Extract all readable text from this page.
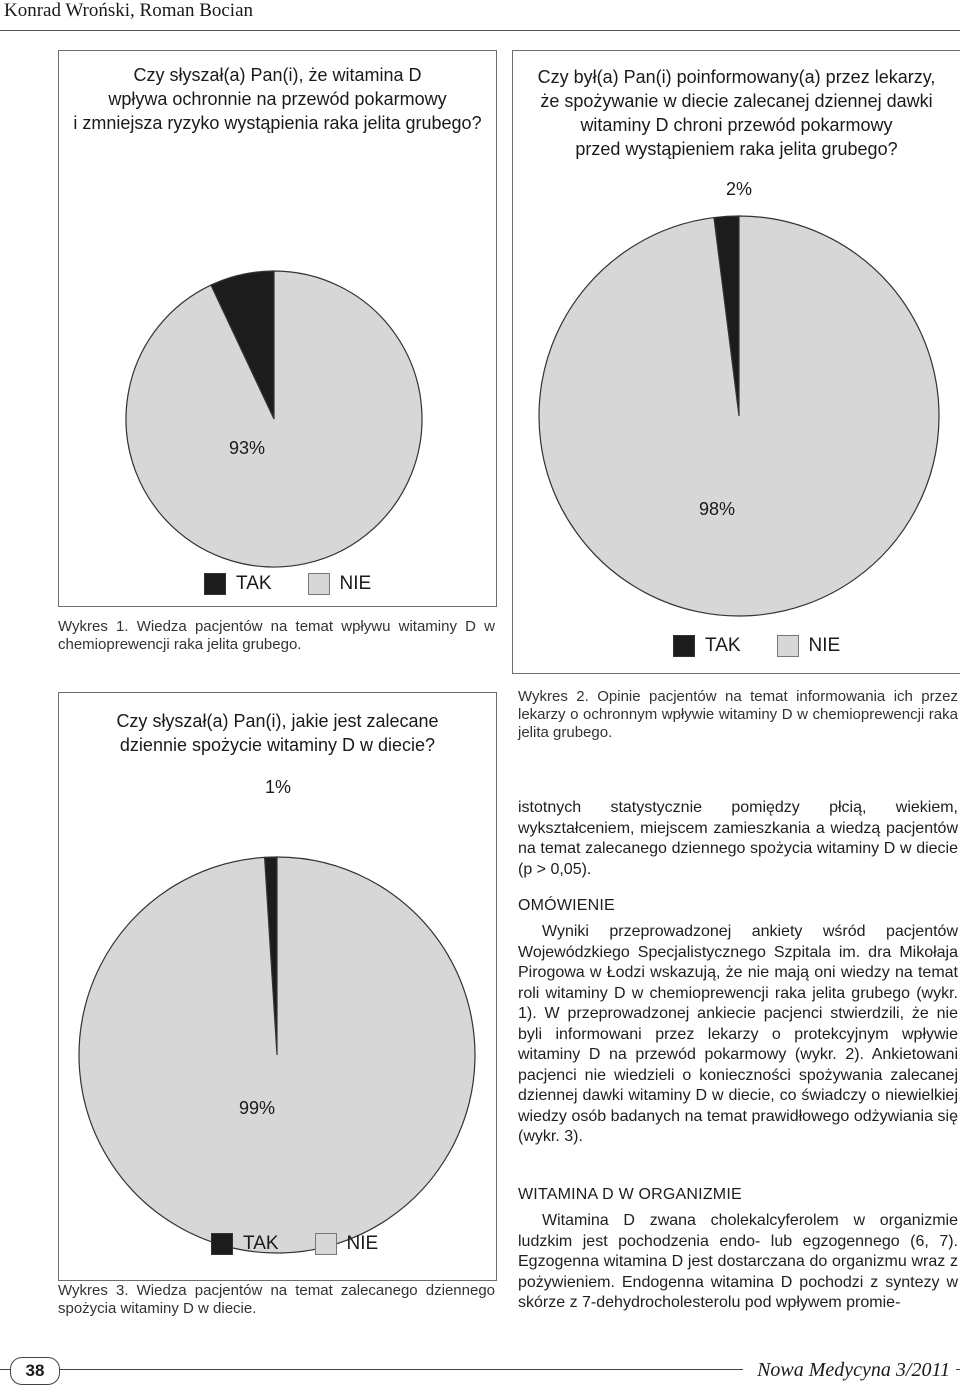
Konrad Wroński, Roman Bocian
Czy słyszał(a) Pan(i), że witamina D
wpływa ochronnie na przewód pokarmowy
i zmniejsza ryzyko wystąpienia raka jelita grubego?
7%
93%
TAK	NIE
Wykres 1. Wiedza pacjentów na temat wpływu witaminy D w chemioprewencji raka jelita grubego.
Czy był(a) Pan(i) poinformowany(a) przez lekarzy,
że spożywanie w diecie zalecanej dziennej dawki
witaminy D chroni przewód pokarmowy
przed wystąpieniem raka jelita grubego?
2%
98%
TAK	NIE
Wykres 2. Opinie pacjentów na temat informowania ich przez lekarzy o ochronnym wpływie witaminy D w chemioprewencji raka jelita grubego.
Czy słyszał(a) Pan(i), jakie jest zalecane
dziennie spożycie witaminy D w diecie?
1%
99%
TAK	NIE
Wykres 3. Wiedza pacjentów na temat zalecanego dziennego spożycia witaminy D w diecie.

istotnych statystycznie pomiędzy płcią, wiekiem, wykształceniem, miejscem zamieszkania a wiedzą pacjentów na temat zalecanego dziennego spożycia witaminy D w diecie (p > 0,05).

OMÓWIENIE

Wyniki przeprowadzonej ankiety wśród pacjentów Wojewódzkiego Specjalistycznego Szpitala im. dra Mikołaja Pirogowa w Łodzi wskazują, że nie mają oni wiedzy na temat roli witaminy D w chemioprewencji raka jelita grubego (wykr. 1). W przeprowadzonej ankiecie pacjenci stwierdzili, że nie byli informowani przez lekarzy o protekcyjnym wpływie witaminy D na przewód pokarmowy (wykr. 2). Ankietowani pacjenci nie wiedzieli o konieczności spożywania zalecanej dziennej dawki witaminy D w diecie, co świadczy o niewielkiej wiedzy osób badanych na temat prawidłowego odżywiania się (wykr. 3).

WITAMINA D W ORGANIZMIE

Witamina D zwana cholekalcyferolem w organizmie ludzkim jest pochodzenia endo- lub egzogennego (6, 7). Egzogenna witamina D jest dostarczana do organizmu wraz z pożywieniem. Endogenna witamina D pochodzi z syntezy w skórze z 7-dehydrocholesterolu pod wpływem promie-

38	Nowa Medycyna 3/2011
